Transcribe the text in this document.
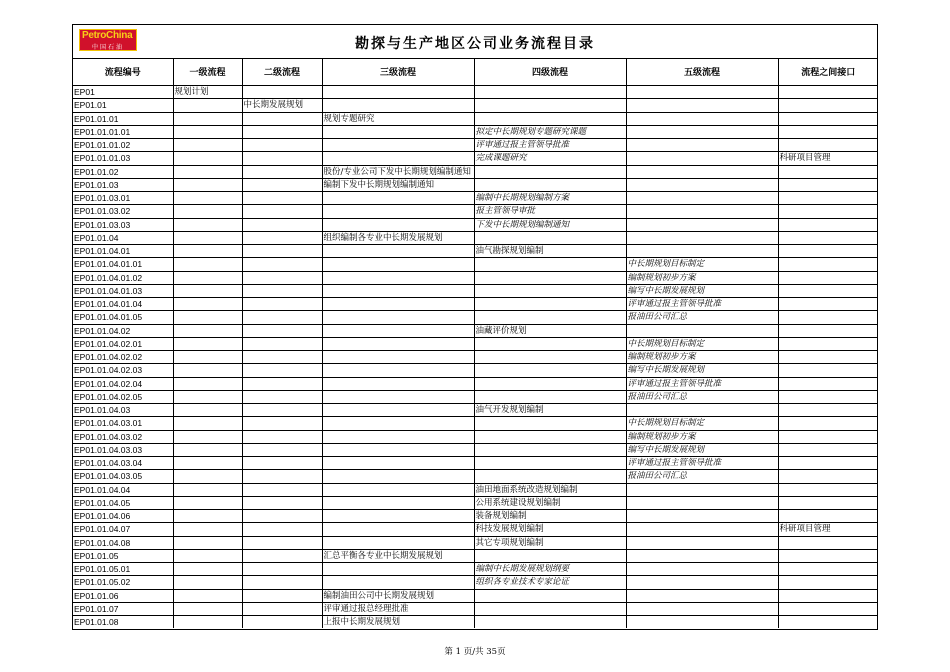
PetroChina
中国石油	勘探与生产地区公司业务流程目录
流程编号	一级流程	二级流程	三级流程	四级流程	五级流程	流程之间接口
EP01	规划计划					
EP01.01		中长期发展规划				
EP01.01.01			规划专题研究			
EP01.01.01.01				拟定中长期规划专题研究课题		
EP01.01.01.02				评审通过报主管领导批准		
EP01.01.01.03				完成课题研究		科研项目管理
EP01.01.02			股份/专业公司下发中长期规划编制通知			
EP01.01.03			编制下发中长期规划编制通知			
EP01.01.03.01				编制中长期规划编制方案		
EP01.01.03.02				报主管领导审批		
EP01.01.03.03				下发中长期规划编制通知		
EP01.01.04			组织编制各专业中长期发展规划			
EP01.01.04.01				油气勘探规划编制		
EP01.01.04.01.01					中长期规划目标制定	
EP01.01.04.01.02					编制规划初步方案	
EP01.01.04.01.03					编写中长期发展规划	
EP01.01.04.01.04					评审通过报主管领导批准	
EP01.01.04.01.05					报油田公司汇总	
EP01.01.04.02				油藏评价规划		
EP01.01.04.02.01					中长期规划目标制定	
EP01.01.04.02.02					编制规划初步方案	
EP01.01.04.02.03					编写中长期发展规划	
EP01.01.04.02.04					评审通过报主管领导批准	
EP01.01.04.02.05					报油田公司汇总	
EP01.01.04.03				油气开发规划编制		
EP01.01.04.03.01					中长期规划目标制定	
EP01.01.04.03.02					编制规划初步方案	
EP01.01.04.03.03					编写中长期发展规划	
EP01.01.04.03.04					评审通过报主管领导批准	
EP01.01.04.03.05					报油田公司汇总	
EP01.01.04.04				油田地面系统改造规划编制		
EP01.01.04.05				公用系统建设规划编制		
EP01.01.04.06				装备规划编制		
EP01.01.04.07				科技发展规划编制		科研项目管理
EP01.01.04.08				其它专项规划编制		
EP01.01.05			汇总平衡各专业中长期发展规划			
EP01.01.05.01				编制中长期发展规划纲要		
EP01.01.05.02				组织各专业技术专家论证		
EP01.01.06			编制油田公司中长期发展规划			
EP01.01.07			评审通过报总经理批准			
EP01.01.08			上报中长期发展规划			
第 1 页/共 35页
